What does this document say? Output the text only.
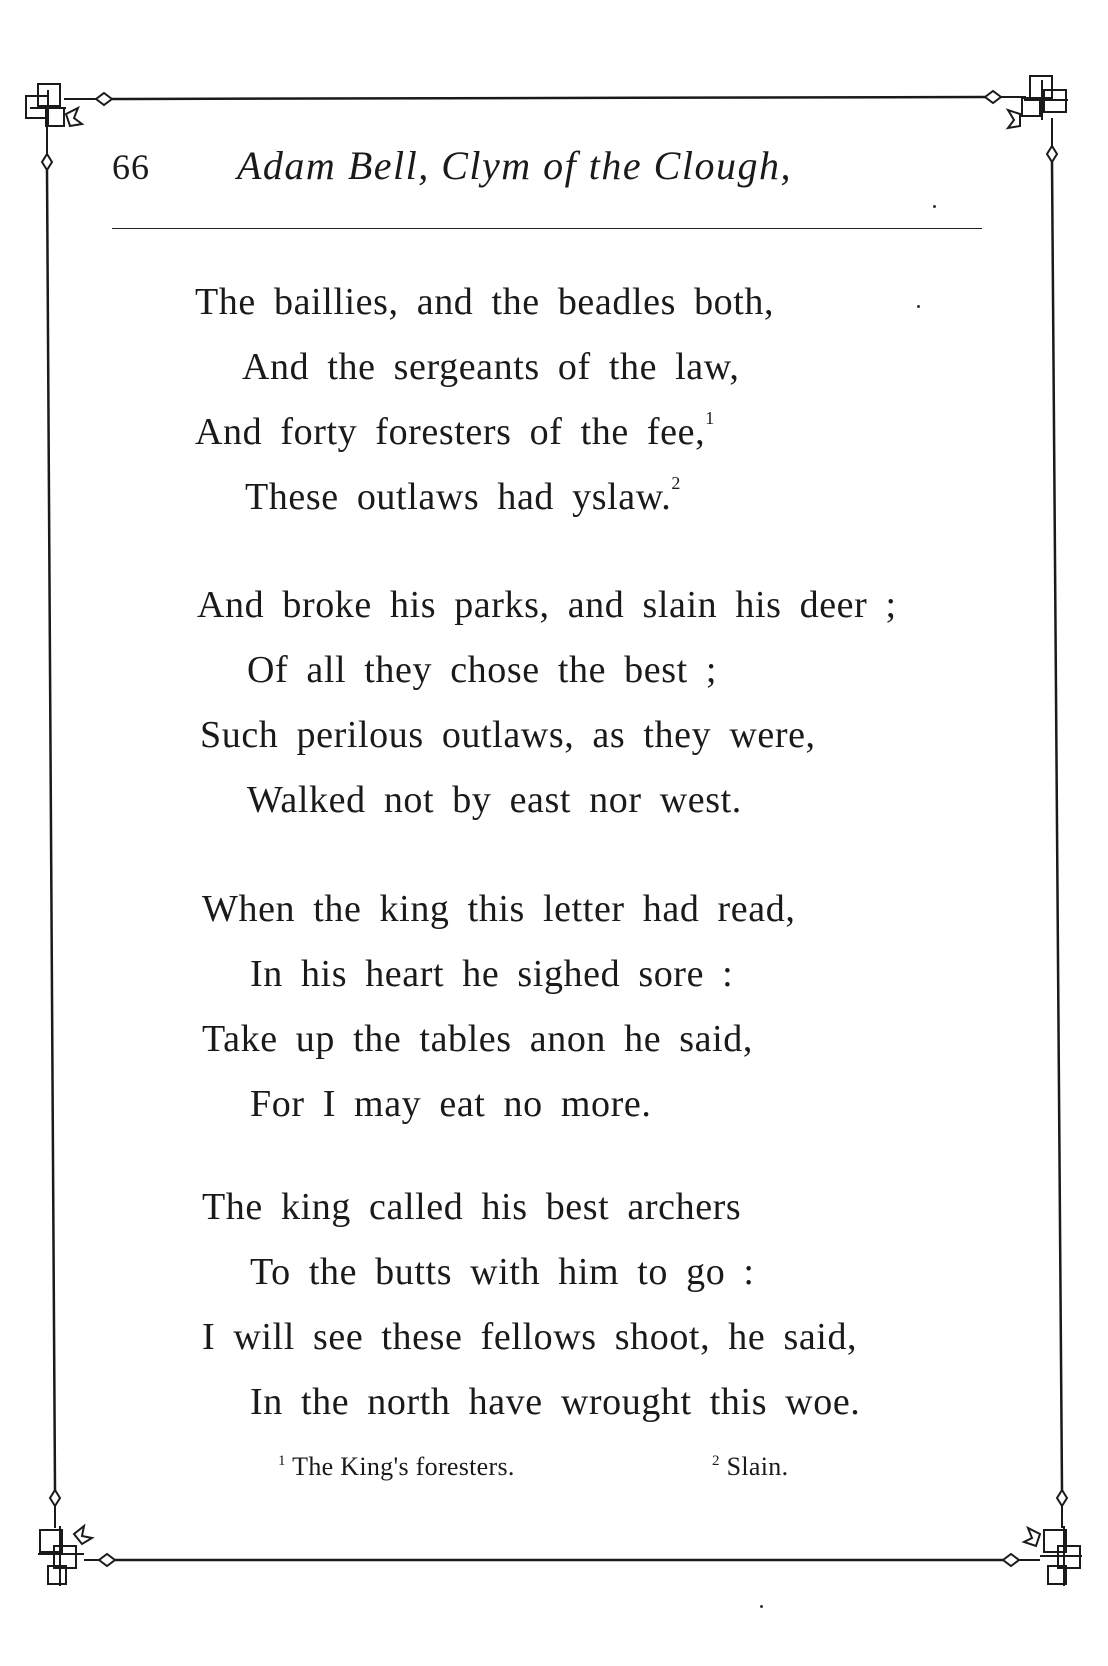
66 Adam Bell, Clym of the Clough,
The baillies, and the beadles both,
And the sergeants of the law,
And forty foresters of the fee,$^1$
These outlaws had yslaw.$^2$
And broke his parks, and slain his deer ;
Of all they chose the best ;
Such perilous outlaws, as they were,
Walked not by east nor west.
When the king this letter had read,
In his heart he sighed sore :
Take up the tables anon he said,
For I may eat no more.
The king called his best archers
To the butts with him to go :
I will see these fellows shoot, he said,
In the north have wrought this woe.
$^1$ The King's foresters.	$^2$ Slain.
